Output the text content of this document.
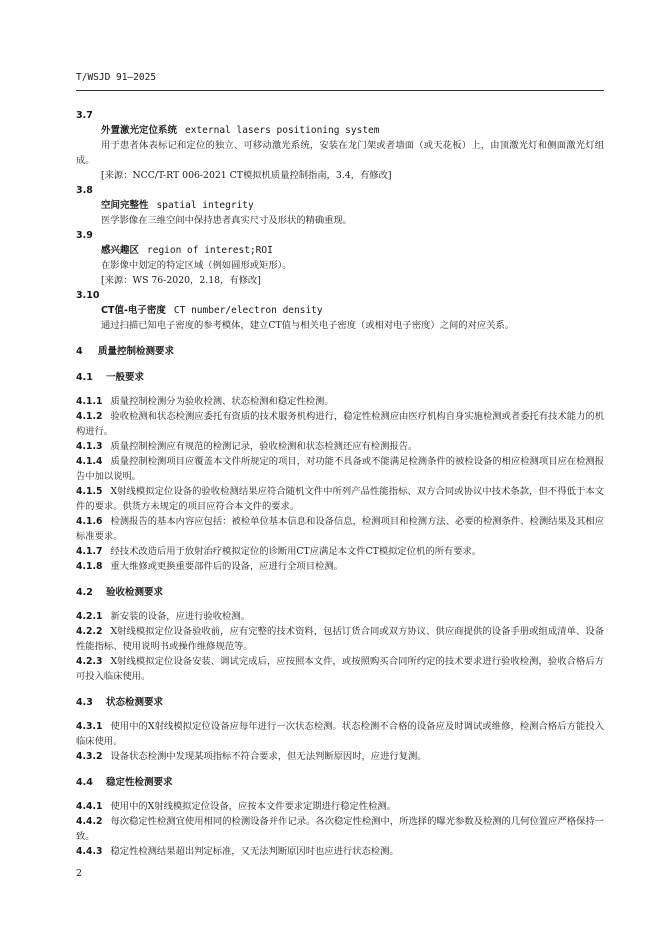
T/WSJD 91—2025
3.7
外置激光定位系统 external lasers positioning system
用于患者体表标记和定位的独立、可移动激光系统，安装在龙门架或者墙面（或天花板）上，由顶激光灯和侧面激光灯组成。
[来源：NCC/T-RT 006-2021 CT模拟机质量控制指南，3.4，有修改]
3.8
空间完整性 spatial integrity
医学影像在三维空间中保持患者真实尺寸及形状的精确重现。
3.9
感兴趣区 region of interest;ROI
在影像中划定的特定区域（例如圆形或矩形）。
[来源：WS 76-2020，2.18，有修改]
3.10
CT值-电子密度 CT number/electron density
通过扫描已知电子密度的参考模体，建立CT值与相关电子密度（或相对电子密度）之间的对应关系。
4 质量控制检测要求
4.1 一般要求
4.1.1 质量控制检测分为验收检测、状态检测和稳定性检测。
4.1.2 验收检测和状态检测应委托有资质的技术服务机构进行，稳定性检测应由医疗机构自身实施检测或者委托有技术能力的机构进行。
4.1.3 质量控制检测应有规范的检测记录，验收检测和状态检测还应有检测报告。
4.1.4 质量控制检测项目应覆盖本文件所规定的项目，对功能不具备或不能满足检测条件的被检设备的相应检测项目应在检测报告中加以说明。
4.1.5 X射线模拟定位设备的验收检测结果应符合随机文件中所列产品性能指标、双方合同或协议中技术条款，但不得低于本文件的要求。供货方未规定的项目应符合本文件的要求。
4.1.6 检测报告的基本内容应包括：被检单位基本信息和设备信息，检测项目和检测方法、必要的检测条件、检测结果及其相应标准要求。
4.1.7 经技术改造后用于放射治疗模拟定位的诊断用CT应满足本文件CT模拟定位机的所有要求。
4.1.8 重大维修或更换重要部件后的设备，应进行全项目检测。
4.2 验收检测要求
4.2.1 新安装的设备，应进行验收检测。
4.2.2 X射线模拟定位设备验收前，应有完整的技术资料，包括订货合同或双方协议、供应商提供的设备手册或组成清单、设备性能指标、使用说明书或操作维修规范等。
4.2.3 X射线模拟定位设备安装、调试完成后，应按照本文件，或按照购买合同所约定的技术要求进行验收检测，验收合格后方可投入临床使用。
4.3 状态检测要求
4.3.1 使用中的X射线模拟定位设备应每年进行一次状态检测。状态检测不合格的设备应及时调试或维修，检测合格后方能投入临床使用。
4.3.2 设备状态检测中发现某项指标不符合要求，但无法判断原因时，应进行复测。
4.4 稳定性检测要求
4.4.1 使用中的X射线模拟定位设备，应按本文件要求定期进行稳定性检测。
4.4.2 每次稳定性检测宜使用相同的检测设备并作记录。各次稳定性检测中，所选择的曝光参数及检测的几何位置应严格保持一致。
4.4.3 稳定性检测结果超出判定标准，又无法判断原因时也应进行状态检测。
2
